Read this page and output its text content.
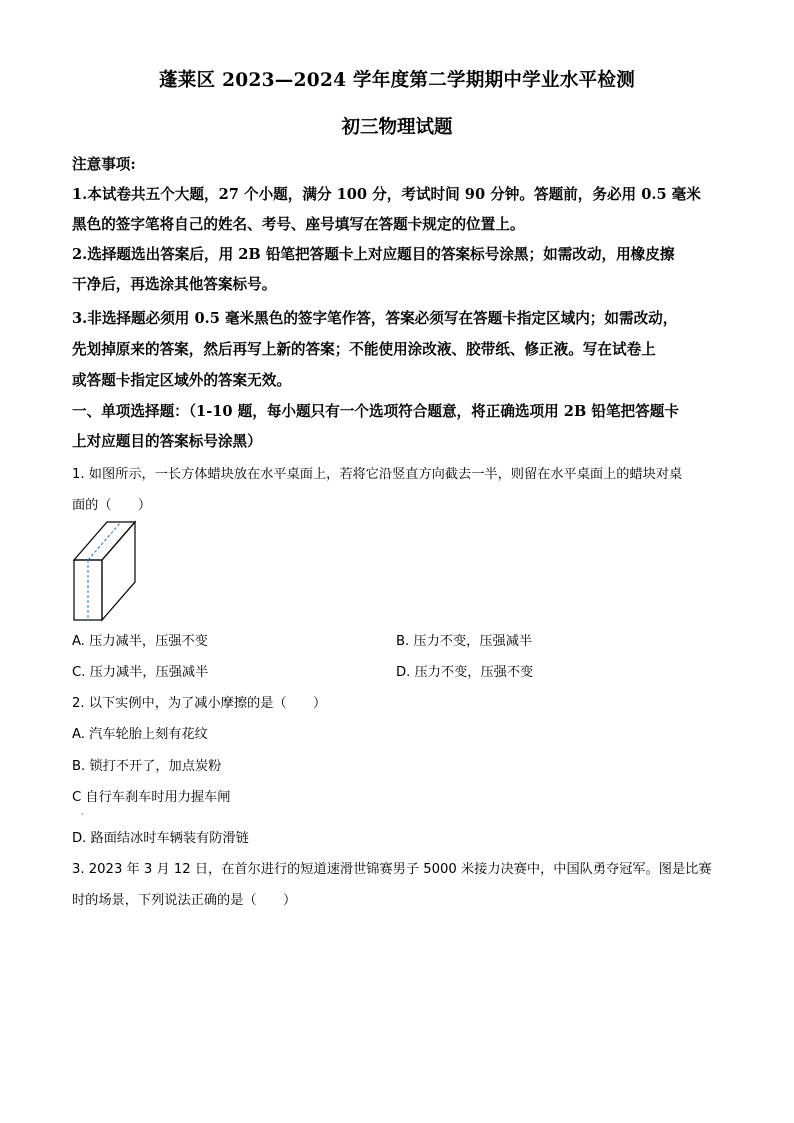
蓬莱区 2023—2024 学年度第二学期期中学业水平检测
初三物理试题
注意事项:
1.本试卷共五个大题，27 个小题，满分 100 分，考试时间 90 分钟。答题前，务必用 0.5 毫米
黑色的签字笔将自己的姓名、考号、座号填写在答题卡规定的位置上。
2.选择题选出答案后，用 2B 铅笔把答题卡上对应题目的答案标号涂黑；如需改动，用橡皮擦
干净后，再选涂其他答案标号。
3.非选择题必须用 0.5 毫米黑色的签字笔作答，答案必须写在答题卡指定区域内；如需改动，
先划掉原来的答案，然后再写上新的答案；不能使用涂改液、胶带纸、修正液。写在试卷上
或答题卡指定区域外的答案无效。
一、单项选择题：（1-10 题，每小题只有一个选项符合题意，将正确选项用 2B 铅笔把答题卡
上对应题目的答案标号涂黑）
1. 如图所示，一长方体蜡块放在水平桌面上，若将它沿竖直方向截去一半，则留在水平桌面上的蜡块对桌
面的（　　）
A. 压力减半，压强不变	B. 压力不变，压强减半
C. 压力减半，压强减半	D. 压力不变，压强不变
2. 以下实例中，为了减小摩擦的是（　　）
A. 汽车轮胎上刻有花纹
B. 锁打不开了，加点炭粉
C 自行车刹车时用力握车闸
·
D. 路面结冰时车辆装有防滑链
3. 2023 年 3 月 12 日，在首尔进行的短道速滑世锦赛男子 5000 米接力决赛中，中国队勇夺冠军。图是比赛
时的场景，下列说法正确的是（　　）
